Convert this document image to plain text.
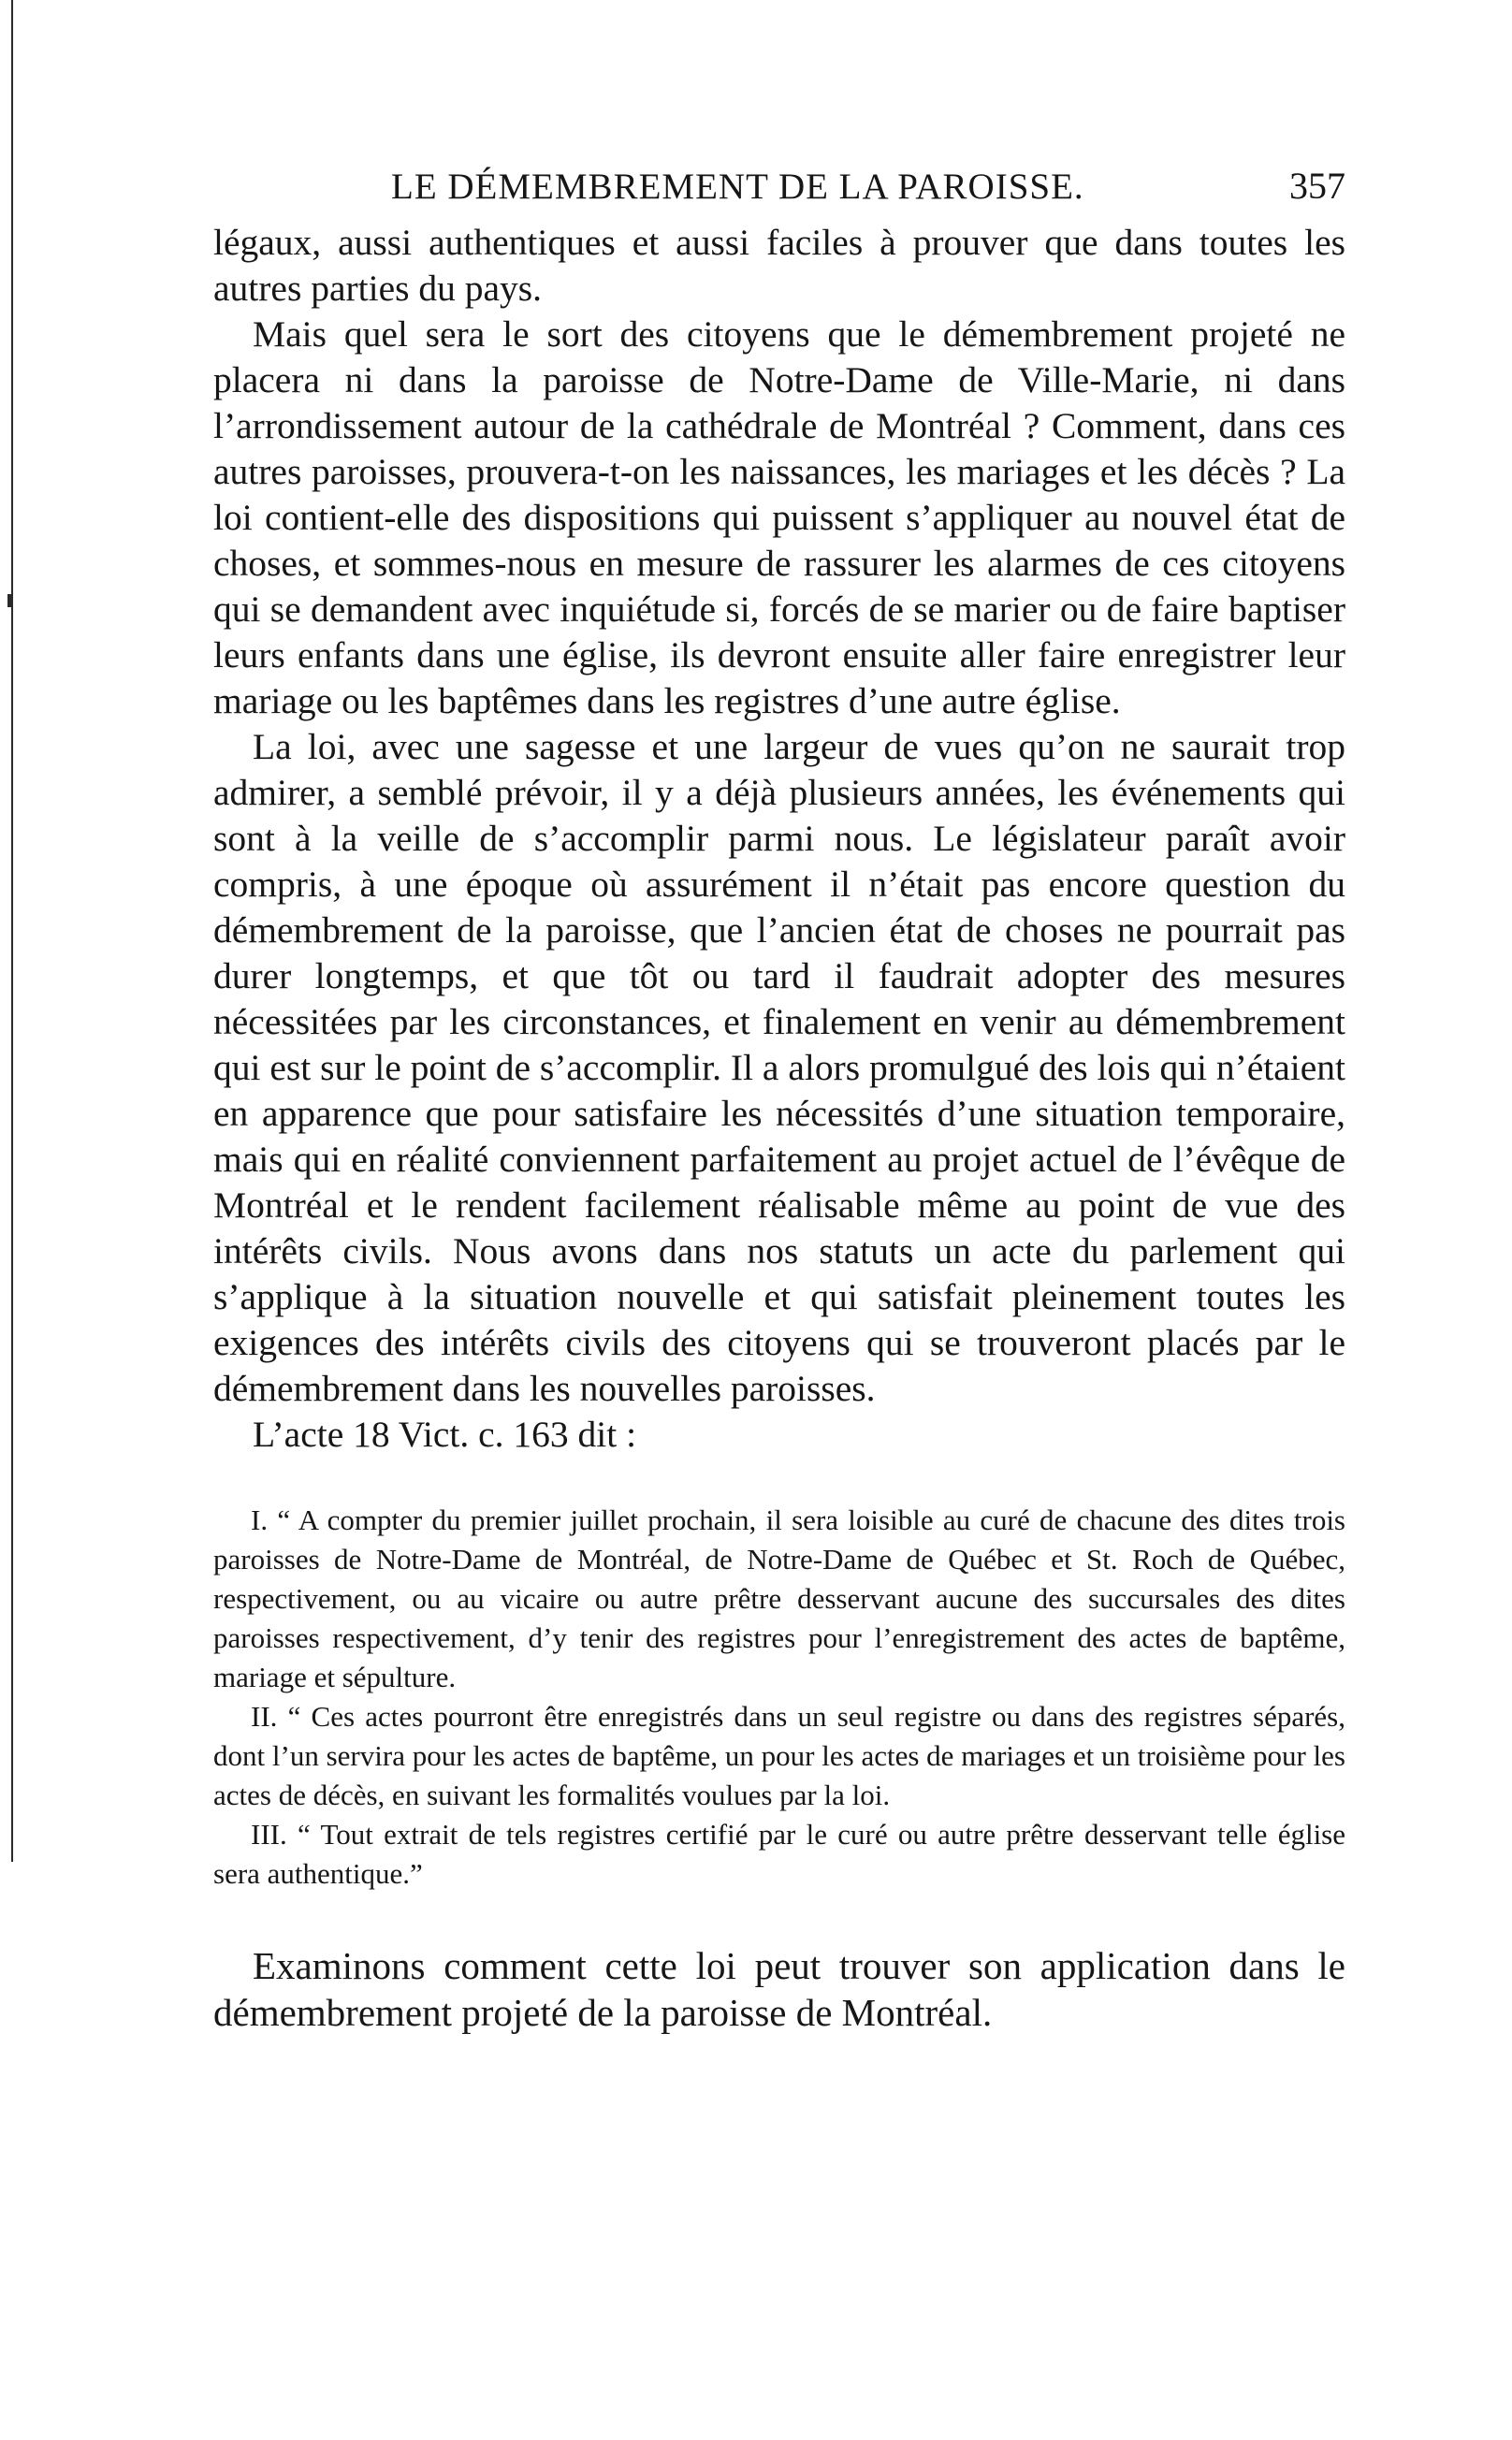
LE DÉMEMBREMENT DE LA PAROISSE.	357

légaux, aussi authentiques et aussi faciles à prouver que dans toutes les autres parties du pays.

Mais quel sera le sort des citoyens que le démembrement projeté ne placera ni dans la paroisse de Notre-Dame de Ville-Marie, ni dans l’arrondissement autour de la cathédrale de Montréal ? Comment, dans ces autres paroisses, prouvera-t-on les naissances, les mariages et les décès ? La loi contient-elle des dispositions qui puissent s’appliquer au nouvel état de choses, et sommes-nous en mesure de rassurer les alarmes de ces citoyens qui se demandent avec inquiétude si, forcés de se marier ou de faire baptiser leurs enfants dans une église, ils devront ensuite aller faire enregistrer leur mariage ou les baptêmes dans les registres d’une autre église.

La loi, avec une sagesse et une largeur de vues qu’on ne saurait trop admirer, a semblé prévoir, il y a déjà plusieurs années, les événements qui sont à la veille de s’accomplir parmi nous. Le législateur paraît avoir compris, à une époque où assurément il n’était pas encore question du démembrement de la paroisse, que l’ancien état de choses ne pourrait pas durer longtemps, et que tôt ou tard il faudrait adopter des mesures nécessitées par les circonstances, et finalement en venir au démembrement qui est sur le point de s’accomplir. Il a alors promulgué des lois qui n’étaient en apparence que pour satisfaire les nécessités d’une situation temporaire, mais qui en réalité conviennent parfaitement au projet actuel de l’évêque de Montréal et le rendent facilement réalisable même au point de vue des intérêts civils. Nous avons dans nos statuts un acte du parlement qui s’applique à la situation nouvelle et qui satisfait pleinement toutes les exigences des intérêts civils des citoyens qui se trouveront placés par le démembrement dans les nouvelles paroisses.

L’acte 18 Vict. c. 163 dit :

I. “ A compter du premier juillet prochain, il sera loisible au curé de chacune des dites trois paroisses de Notre-Dame de Montréal, de Notre-Dame de Québec et St. Roch de Québec, respectivement, ou au vicaire ou autre prêtre desservant aucune des succursales des dites paroisses respectivement, d’y tenir des registres pour l’enregistrement des actes de baptême, mariage et sépulture.

II. “ Ces actes pourront être enregistrés dans un seul registre ou dans des registres séparés, dont l’un servira pour les actes de baptême, un pour les actes de mariages et un troisième pour les actes de décès, en suivant les formalités voulues par la loi.

III. “ Tout extrait de tels registres certifié par le curé ou autre prêtre desservant telle église sera authentique.”

Examinons comment cette loi peut trouver son application dans le démembrement projeté de la paroisse de Montréal.
